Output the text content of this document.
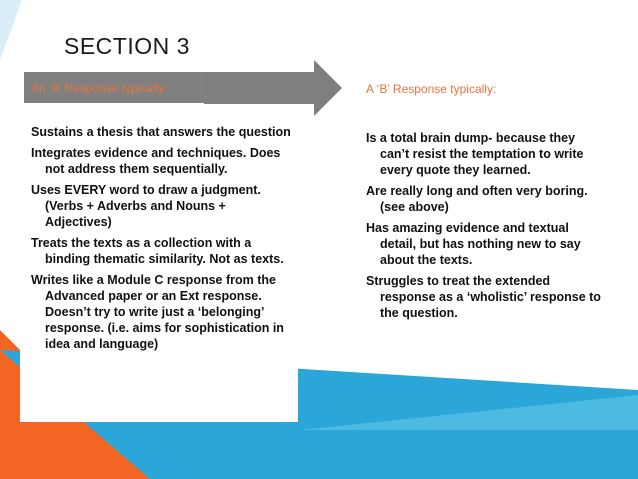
SECTION 3
An ‘A’ Response typically:	A ‘B’ Response typically:
Sustains a thesis that answers the question
Integrates evidence and techniques. Does not address them sequentially.
Uses EVERY word to draw a judgment. (Verbs + Adverbs and Nouns + Adjectives)
Treats the texts as a collection with a binding thematic similarity. Not as texts.
Writes like a Module C response from the Advanced paper or an Ext response. Doesn’t try to write just a ‘belonging’ response. (i.e. aims for sophistication in idea and language)
Is a total brain dump- because they can’t resist the temptation to write every quote they learned.
Are really long and often very boring. (see above)
Has amazing evidence and textual detail, but has nothing new to say about the texts.
Struggles to treat the extended response as a ‘wholistic’ response to the question.
